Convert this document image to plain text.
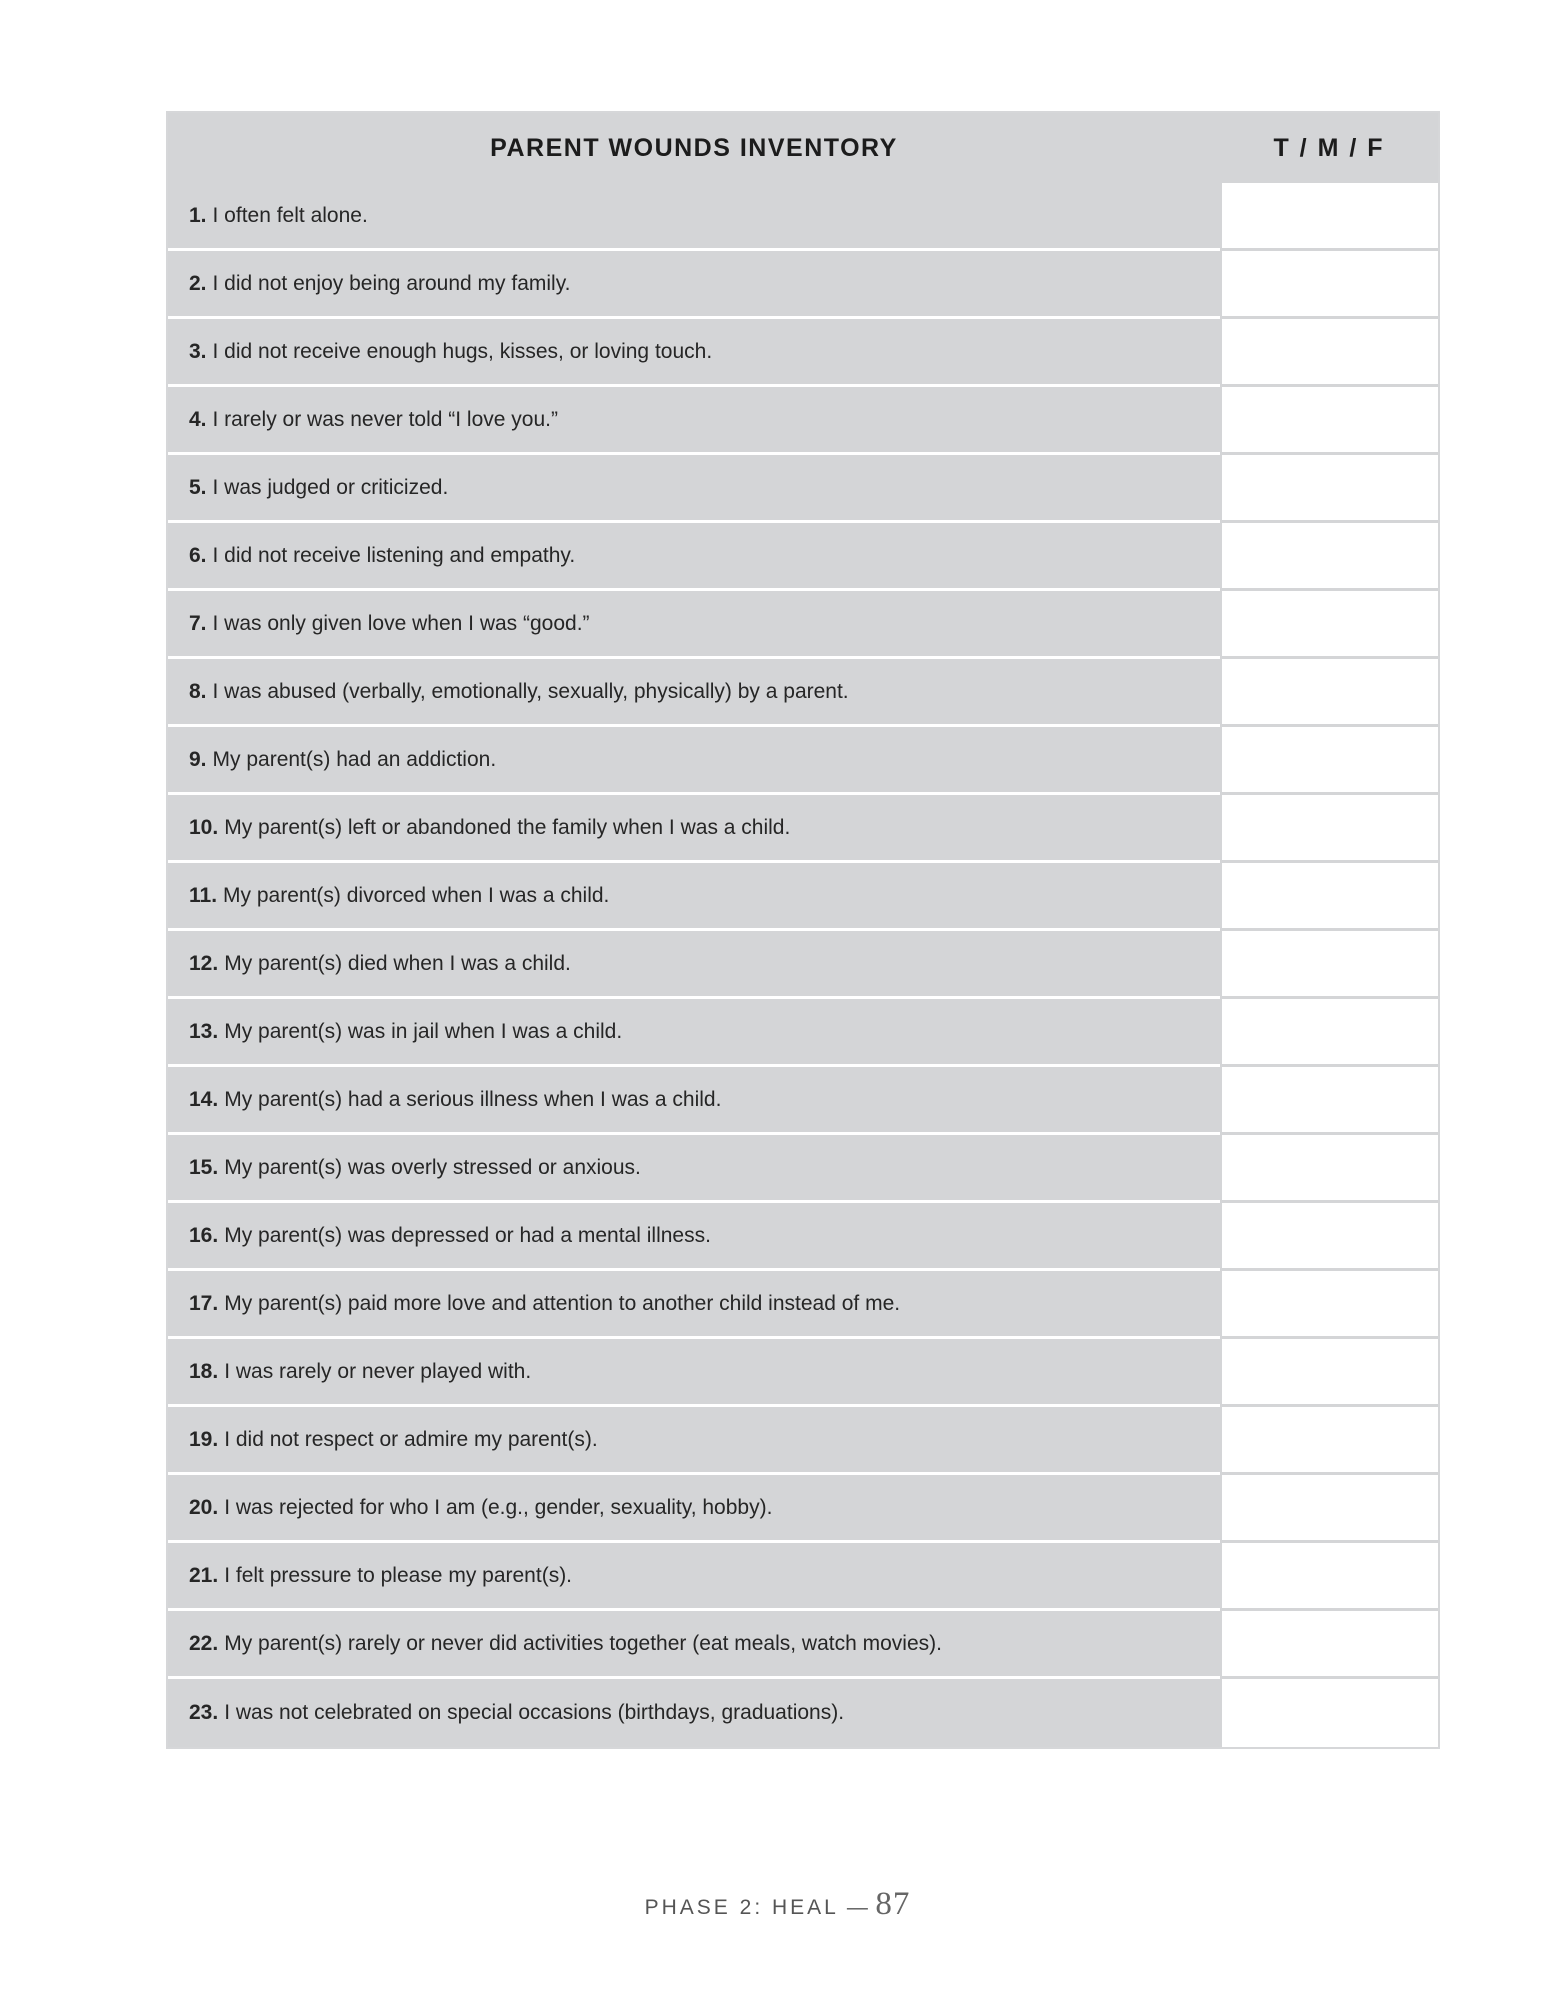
PARENT WOUNDS INVENTORY	T / M / F
1. I often felt alone.
2. I did not enjoy being around my family.
3. I did not receive enough hugs, kisses, or loving touch.
4. I rarely or was never told “I love you.”
5. I was judged or criticized.
6. I did not receive listening and empathy.
7. I was only given love when I was “good.”
8. I was abused (verbally, emotionally, sexually, physically) by a parent.
9. My parent(s) had an addiction.
10. My parent(s) left or abandoned the family when I was a child.
11. My parent(s) divorced when I was a child.
12. My parent(s) died when I was a child.
13. My parent(s) was in jail when I was a child.
14. My parent(s) had a serious illness when I was a child.
15. My parent(s) was overly stressed or anxious.
16. My parent(s) was depressed or had a mental illness.
17. My parent(s) paid more love and attention to another child instead of me.
18. I was rarely or never played with.
19. I did not respect or admire my parent(s).
20. I was rejected for who I am (e.g., gender, sexuality, hobby).
21. I felt pressure to please my parent(s).
22. My parent(s) rarely or never did activities together (eat meals, watch movies).
23. I was not celebrated on special occasions (birthdays, graduations).
PHASE 2: HEAL — 87
